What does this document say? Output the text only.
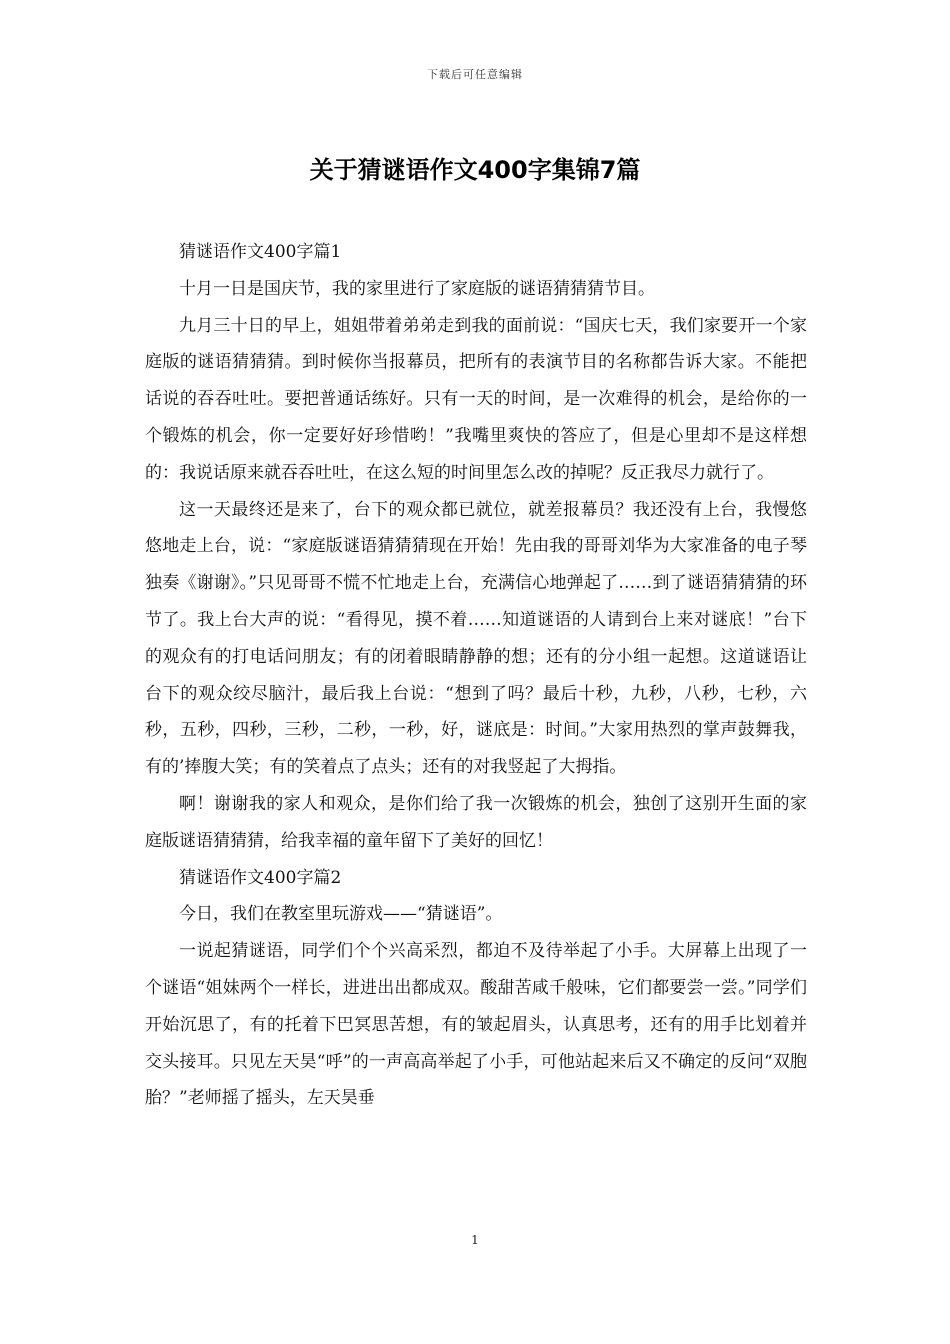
下载后可任意编辑
关于猜谜语作文400字集锦7篇

猜谜语作文400字篇1

十月一日是国庆节，我的家里进行了家庭版的谜语猜猜猜节目。

九月三十日的早上，姐姐带着弟弟走到我的面前说：“国庆七天，我们家要开一个家庭版的谜语猜猜猜。到时候你当报幕员，把所有的表演节目的名称都告诉大家。不能把话说的吞吞吐吐。要把普通话练好。只有一天的时间，是一次难得的机会，是给你的一个锻炼的机会，你一定要好好珍惜哟！”我嘴里爽快的答应了，但是心里却不是这样想的：我说话原来就吞吞吐吐，在这么短的时间里怎么改的掉呢？反正我尽力就行了。

这一天最终还是来了，台下的观众都已就位，就差报幕员？我还没有上台，我慢悠悠地走上台，说：“家庭版谜语猜猜猜现在开始！先由我的哥哥刘华为大家准备的电子琴独奏《谢谢》。”只见哥哥不慌不忙地走上台，充满信心地弹起了……到了谜语猜猜猜的环节了。我上台大声的说：“看得见，摸不着……知道谜语的人请到台上来对谜底！”台下的观众有的打电话问朋友；有的闭着眼睛静静的想；还有的分小组一起想。这道谜语让台下的观众绞尽脑汁，最后我上台说：“想到了吗？最后十秒，九秒，八秒，七秒，六秒，五秒，四秒，三秒，二秒，一秒，好，谜底是：时间。”大家用热烈的掌声鼓舞我，有的’捧腹大笑；有的笑着点了点头；还有的对我竖起了大拇指。

啊！谢谢我的家人和观众，是你们给了我一次锻炼的机会，独创了这别开生面的家庭版谜语猜猜猜，给我幸福的童年留下了美好的回忆！

猜谜语作文400字篇2

今日，我们在教室里玩游戏——“猜谜语”。

一说起猜谜语，同学们个个兴高采烈，都迫不及待举起了小手。大屏幕上出现了一个谜语“姐妹两个一样长，进进出出都成双。酸甜苦咸千般味，它们都要尝一尝。”同学们开始沉思了，有的托着下巴冥思苦想，有的皱起眉头，认真思考，还有的用手比划着并交头接耳。只见左天昊“呼”的一声高高举起了小手，可他站起来后又不确定的反问“双胞胎？”老师摇了摇头，左天昊垂

1
